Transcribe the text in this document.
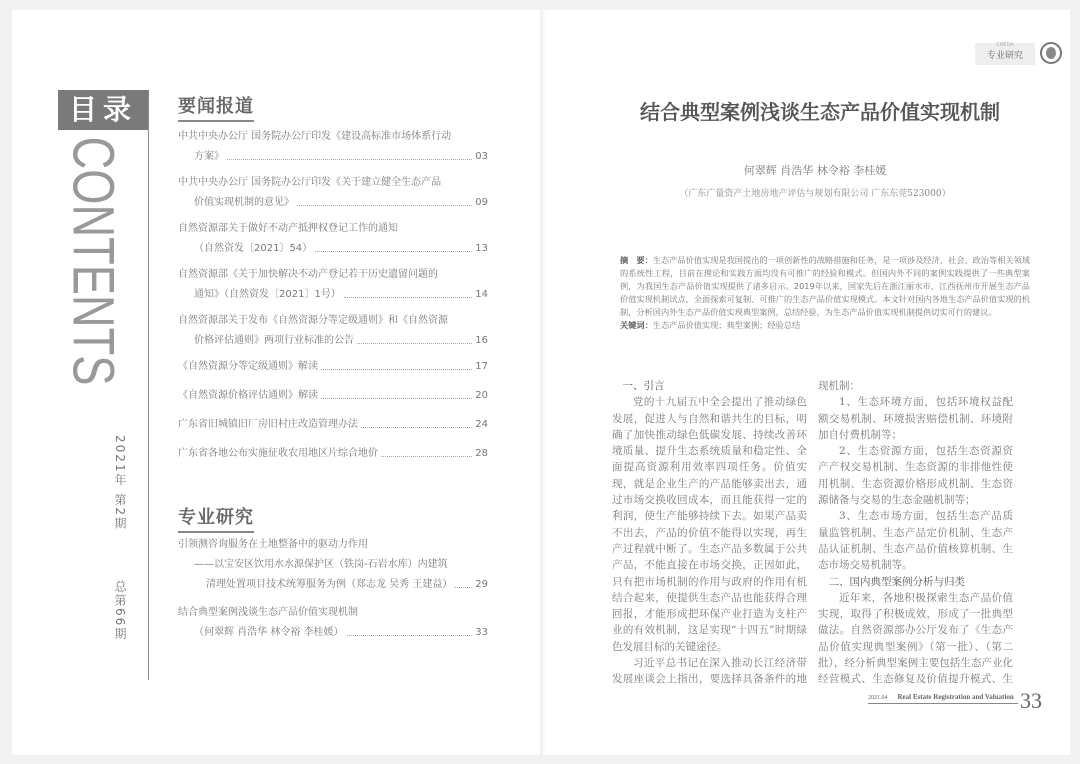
目录
CONTENTS
2021年 第2期
总第66期
要闻报道
中共中央办公厅 国务院办公厅印发《建设高标准市场体系行动
方案》	03
中共中央办公厅 国务院办公厅印发《关于建立健全生态产品
价值实现机制的意见》	09
自然资源部关于做好不动产抵押权登记工作的通知
（自然资发〔2021〕54）	13
自然资源部《关于加快解决不动产登记若干历史遗留问题的
通知》（自然资发〔2021〕1号）	14
自然资源部关于发布《自然资源分等定级通则》和《自然资源
价格评估通则》两项行业标准的公告	16
《自然资源分等定级通则》解读	17
《自然资源价格评估通则》解读	20
广东省旧城镇旧厂房旧村庄改造管理办法	24
广东省各地公布实施征收农用地区片综合地价	28
专业研究
引领测咨询服务在土地整备中的驱动力作用
——以宝安区饮用水水源保护区（铁岗-石岩水库）内建筑
清理处置项目技术统筹服务为例（郑志龙 吴秀 王建益） 29
结合典型案例浅谈生态产品价值实现机制
（何翠辉 肖浩华 林令裕 李桂媛）	33
CREDA
专业研究
结合典型案例浅谈生态产品价值实现机制
何翠辉 肖浩华 林令裕 李桂媛
（广东广量资产土地房地产评估与规划有限公司 广东东莞523000）
摘　要：生态产品价值实现是我国提出的一项创新性的战略措施和任务，是一项涉及经济、社会、政治等相关领域的系统性工程，目前在理论和实践方面均没有可推广的经验和模式。但国内外不同的案例实践提供了一些典型案例，为我国生态产品价值实现提供了诸多启示。2019年以来，国家先后在浙江丽水市、江西抚州市开展生态产品价值实现机制试点，全面探索可复制、可推广的生态产品价值实现模式。本文针对国内各地生态产品价值实现的机制，分析国内外生态产品价值实现典型案例，总结经验，为生态产品价值实现机制提供切实可行的建议。
关键词：生态产品价值实现；典型案例；经验总结

一、引言

党的十九届五中全会提出了推动绿色发展，促进人与自然和谐共生的目标，明确了加快推动绿色低碳发展、持续改善环境质量、提升生态系统质量和稳定性、全面提高资源利用效率四项任务。价值实现，就是企业生产的产品能够卖出去，通过市场交换收回成本，而且能获得一定的利润，使生产能够持续下去。如果产品卖不出去，产品的价值不能得以实现，再生产过程就中断了。生态产品多数属于公共产品，不能直接在市场交换，正因如此，只有把市场机制的作用与政府的作用有机结合起来，使提供生态产品也能获得合理回报，才能形成把环保产业打造为支柱产业的有效机制，这是实现“十四五”时期绿色发展目标的关键途径。

习近平总书记在深入推动长江经济带发展座谈会上指出，要选择具备条件的地

现机制：

1、生态环境方面，包括环境权益配额交易机制、环境损害赔偿机制、环境附加自付费机制等；

2、生态资源方面，包括生态资源资产产权交易机制、生态资源的非排他性使用机制、生态资源价格形成机制、生态资源储备与交易的生态金融机制等；

3、生态市场方面，包括生态产品质量监管机制、生态产品定价机制、生态产品认证机制、生态产品价值核算机制、生态市场交易机制等。

二、国内典型案例分析与归类

近年来，各地积极探索生态产品价值实现，取得了积极成效，形成了一批典型做法。自然资源部办公厅发布了《生态产品价值实现典型案例》（第一批）、（第二批），经分析典型案例主要包括生态产业化经营模式、生态修复及价值提升模式、生

2021.04 Real Estate Registration and Valuation 33
